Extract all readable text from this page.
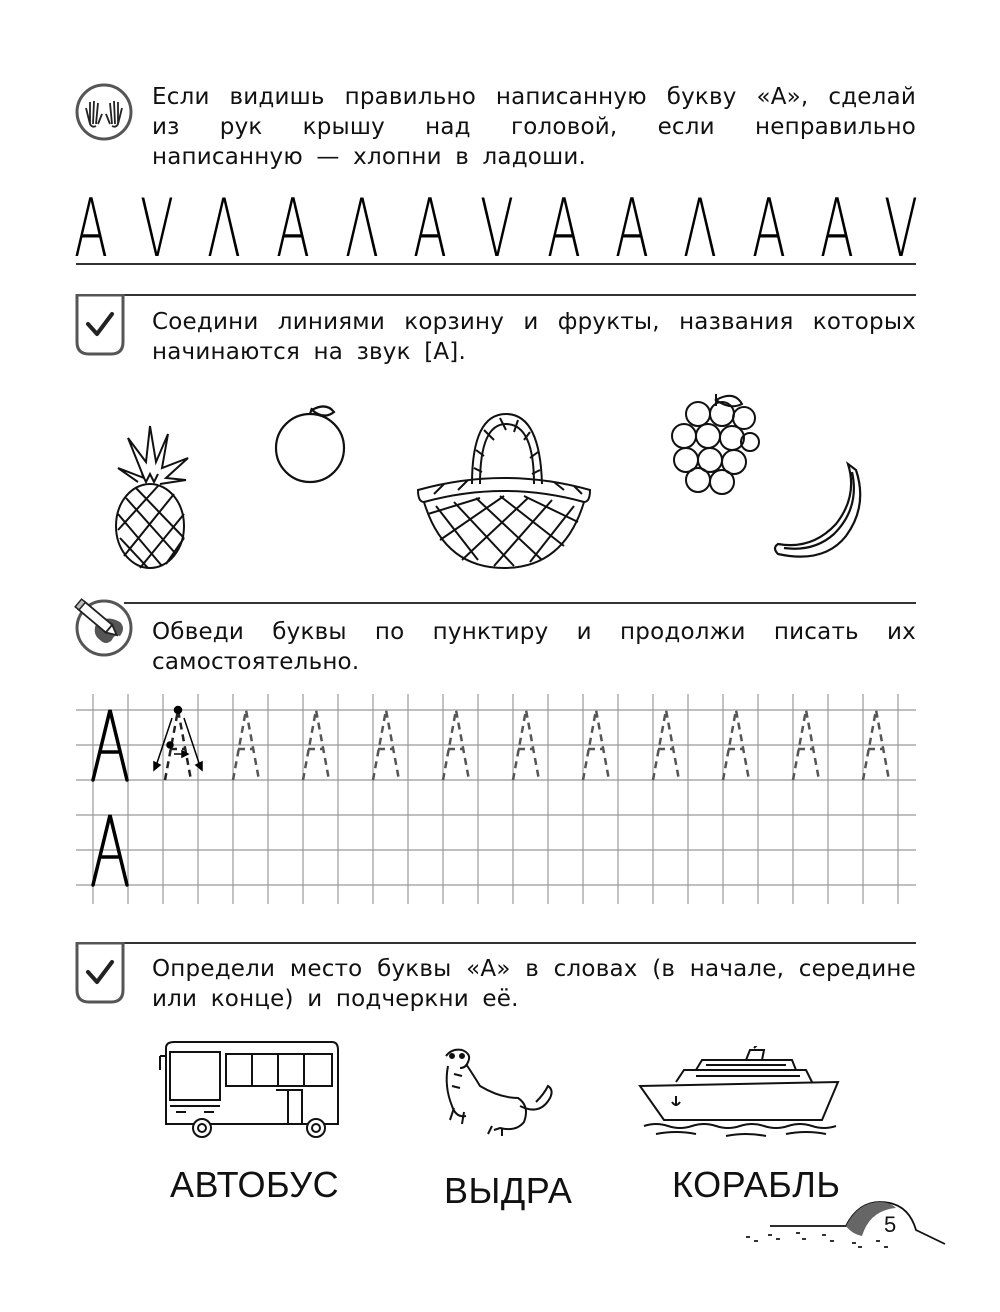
Если видишь правильно написанную букву «А», сделай из рук крышу над головой, если неправильно написанную — хлопни в ладоши.
A V Λ A Λ A V A A Λ A A V
Соедини линиями корзину и фрукты, названия которых начинаются на звук [А].
Обведи буквы по пунктиру и продолжи писать их самостоятельно.
Определи место буквы «А» в словах (в начале, середине или конце) и подчеркни её.
АВТОБУС	ВЫДРА	КОРАБЛЬ
5
